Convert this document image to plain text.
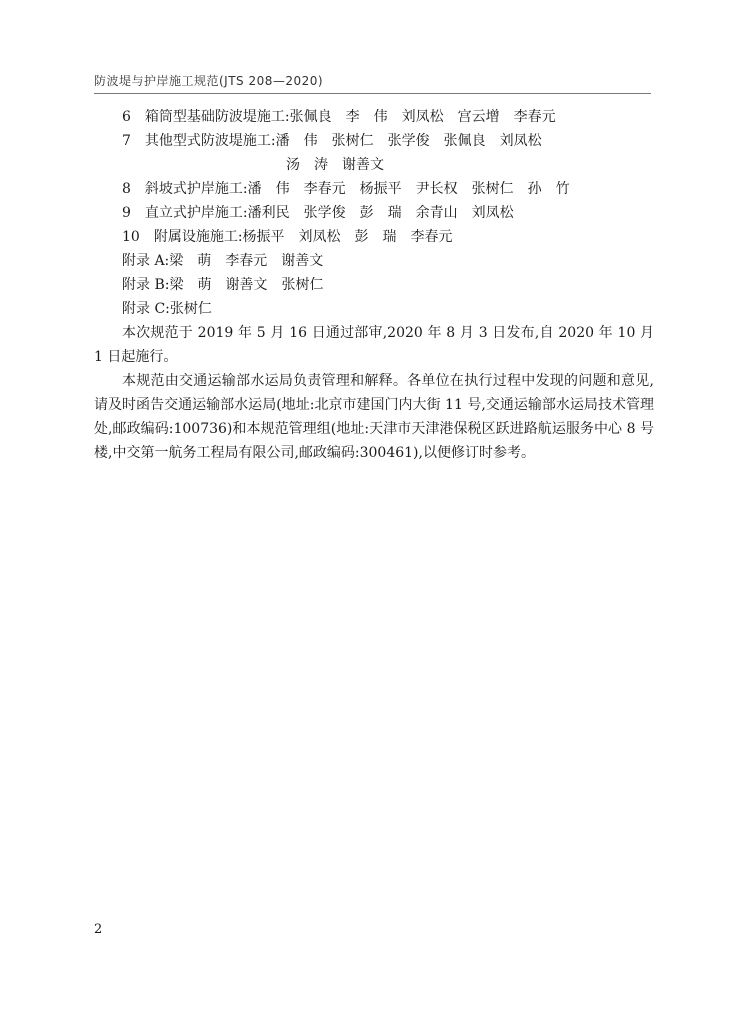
防波堤与护岸施工规范(JTS 208—2020)
6　箱筒型基础防波堤施工:张佩良　李　伟　刘凤松　宫云增　李春元
7　其他型式防波堤施工:潘　伟　张树仁　张学俊　张佩良　刘凤松
汤　涛　谢善文
8　斜坡式护岸施工:潘　伟　李春元　杨振平　尹长权　张树仁　孙　竹
9　直立式护岸施工:潘利民　张学俊　彭　瑞　余青山　刘凤松
10　附属设施施工:杨振平　刘凤松　彭　瑞　李春元
附录 A:梁　萌　李春元　谢善文
附录 B:梁　萌　谢善文　张树仁
附录 C:张树仁
本次规范于 2019 年 5 月 16 日通过部审,2020 年 8 月 3 日发布,自 2020 年 10 月 1 日起施行。
本规范由交通运输部水运局负责管理和解释。各单位在执行过程中发现的问题和意见,请及时函告交通运输部水运局(地址:北京市建国门内大街 11 号,交通运输部水运局技术管理处,邮政编码:100736)和本规范管理组(地址:天津市天津港保税区跃进路航运服务中心 8 号楼,中交第一航务工程局有限公司,邮政编码:300461),以便修订时参考。
2
